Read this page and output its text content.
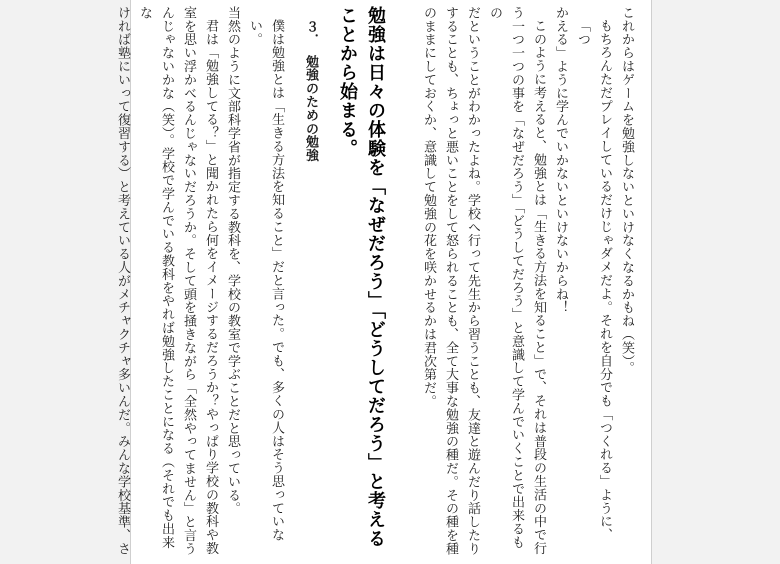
これからはゲームを勉強しないといけなくなるかもね（笑）。
もちろんただプレイしているだけじゃダメだよ。それを自分でも「つくれる」ように、「つ
かえる」ように学んでいかないといけないからね！
このように考えると、勉強とは「生きる方法を知ること」で、それは普段の生活の中で行
う一つ一つの事を「なぜだろう」「どうしてだろう」と意識して学んでいくことで出来るもの
だということがわかったよね。学校へ行って先生から習うことも、友達と遊んだり話したり
することも、ちょっと悪いことをして怒られることも、全て大事な勉強の種だ。その種を種
のままにしておくか、意識して勉強の花を咲かせるかは君次第だ。
勉強は日々の体験を「なぜだろう」「どうしてだろう」と考える
ことから始まる。
３．勉強のための勉強
僕は勉強とは「生きる方法を知ること」だと言った。でも、多くの人はそう思っていない。
当然のように文部科学省が指定する教科を、学校の教室で学ぶことだと思っている。
君は「勉強してる？」と聞かれたら何をイメージするだろうか？やっぱり学校の教科や教
室を思い浮かべるんじゃないだろうか。そして頭を掻きながら「全然やってません」と言う
んじゃないかな（笑）。学校で学んでいる教科をやれば勉強したことになる（それでも出来な
ければ塾にいって復習する）と考えている人がメチャクチャ多いんだ。みんな学校基準、さ
